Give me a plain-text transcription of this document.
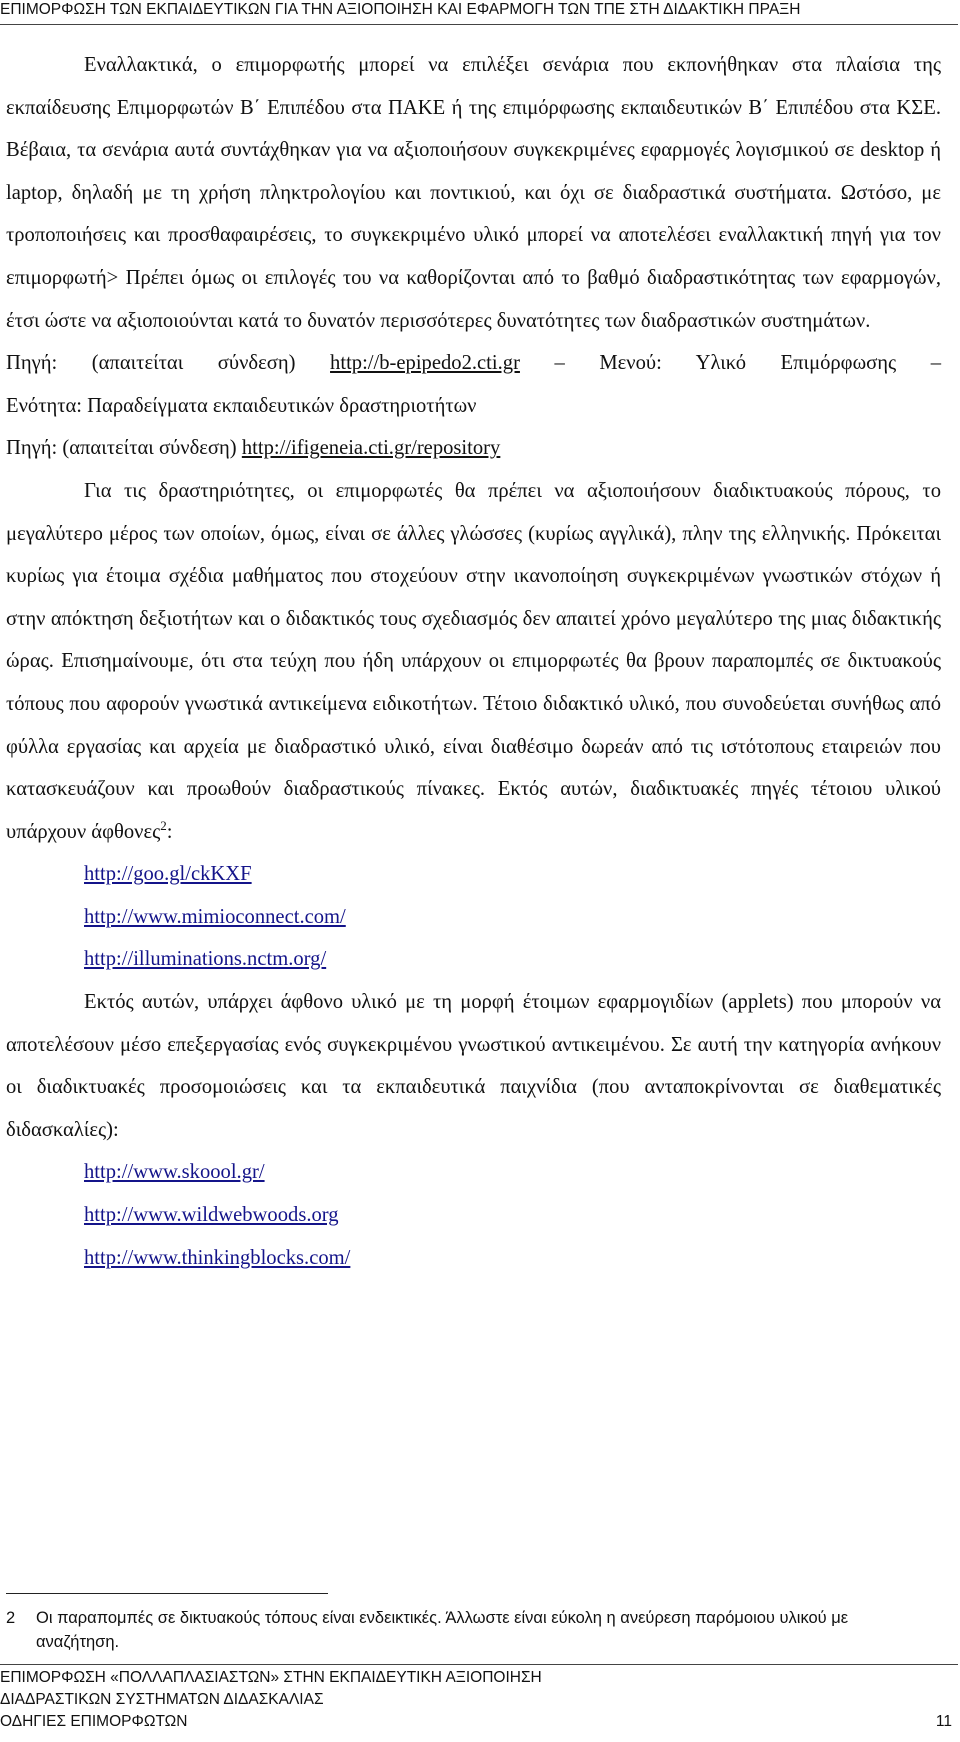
ΕΠΙΜΟΡΦΩΣΗ ΤΩΝ ΕΚΠΑΙΔΕΥΤΙΚΩΝ ΓΙΑ ΤΗΝ ΑΞΙΟΠΟΙΗΣΗ ΚΑΙ ΕΦΑΡΜΟΓΗ ΤΩΝ ΤΠΕ ΣΤΗ ΔΙΔΑΚΤΙΚΗ ΠΡΑΞΗ

Εναλλακτικά, ο επιμορφωτής μπορεί να επιλέξει σενάρια που εκπονήθηκαν στα πλαίσια της εκπαίδευσης Επιμορφωτών Β΄ Επιπέδου στα ΠΑΚΕ ή της επιμόρφωσης εκπαιδευτικών Β΄ Επιπέδου στα ΚΣΕ. Βέβαια, τα σενάρια αυτά συντάχθηκαν για να αξιοποιήσουν συγκεκριμένες εφαρμογές λογισμικού σε desktop ή laptop, δηλαδή με τη χρήση πληκτρολογίου και ποντικιού, και όχι σε διαδραστικά συστήματα. Ωστόσο, με τροποποιήσεις και προσθαφαιρέσεις, το συγκεκριμένο υλικό μπορεί να αποτελέσει εναλλακτική πηγή για τον επιμορφωτή> Πρέπει όμως οι επιλογές του να καθορίζονται από το βαθμό διαδραστικότητας των εφαρμογών, έτσι ώστε να αξιοποιούνται κατά το δυνατόν περισσότερες δυνατότητες των διαδραστικών συστημάτων.

Πηγή: (απαιτείται σύνδεση) http://b-epipedo2.cti.gr – Μενού: Υλικό Επιμόρφωσης –

Ενότητα: Παραδείγματα εκπαιδευτικών δραστηριοτήτων

Πηγή: (απαιτείται σύνδεση) http://ifigeneia.cti.gr/repository

Για τις δραστηριότητες, οι επιμορφωτές θα πρέπει να αξιοποιήσουν διαδικτυακούς πόρους, το μεγαλύτερο μέρος των οποίων, όμως, είναι σε άλλες γλώσσες (κυρίως αγγλικά), πλην της ελληνικής. Πρόκειται κυρίως για έτοιμα σχέδια μαθήματος που στοχεύουν στην ικανοποίηση συγκεκριμένων γνωστικών στόχων ή στην απόκτηση δεξιοτήτων και ο διδακτικός τους σχεδιασμός δεν απαιτεί χρόνο μεγαλύτερο της μιας διδακτικής ώρας. Επισημαίνουμε, ότι στα τεύχη που ήδη υπάρχουν οι επιμορφωτές θα βρουν παραπομπές σε δικτυακούς τόπους που αφορούν γνωστικά αντικείμενα ειδικοτήτων. Τέτοιο διδακτικό υλικό, που συνοδεύεται συνήθως από φύλλα εργασίας και αρχεία με διαδραστικό υλικό, είναι διαθέσιμο δωρεάν από τις ιστότοπους εταιρειών που κατασκευάζουν και προωθούν διαδραστικούς πίνακες. Εκτός αυτών, διαδικτυακές πηγές τέτοιου υλικού υπάρχουν άφθονες$^2$:

http://goo.gl/ckKXF

http://www.mimioconnect.com/

http://illuminations.nctm.org/

Εκτός αυτών, υπάρχει άφθονο υλικό με τη μορφή έτοιμων εφαρμογιδίων (applets) που μπορούν να αποτελέσουν μέσο επεξεργασίας ενός συγκεκριμένου γνωστικού αντικειμένου. Σε αυτή την κατηγορία ανήκουν οι διαδικτυακές προσομοιώσεις και τα εκπαιδευτικά παιχνίδια (που ανταποκρίνονται σε διαθεματικές διδασκαλίες):

http://www.skoool.gr/

http://www.wildwebwoods.org

http://www.thinkingblocks.com/

2 Οι παραπομπές σε δικτυακούς τόπους είναι ενδεικτικές. Άλλωστε είναι εύκολη η ανεύρεση παρόμοιου υλικού με αναζήτηση.
ΕΠΙΜΟΡΦΩΣΗ «ΠΟΛΛΑΠΛΑΣΙΑΣΤΩΝ» ΣΤΗΝ ΕΚΠΑΙΔΕΥΤΙΚΗ ΑΞΙΟΠΟΙΗΣΗ
ΔΙΑΔΡΑΣΤΙΚΩΝ ΣΥΣΤΗΜΑΤΩΝ ΔΙΔΑΣΚΑΛΙΑΣ
ΟΔΗΓΙΕΣ ΕΠΙΜΟΡΦΩΤΩΝ	11
